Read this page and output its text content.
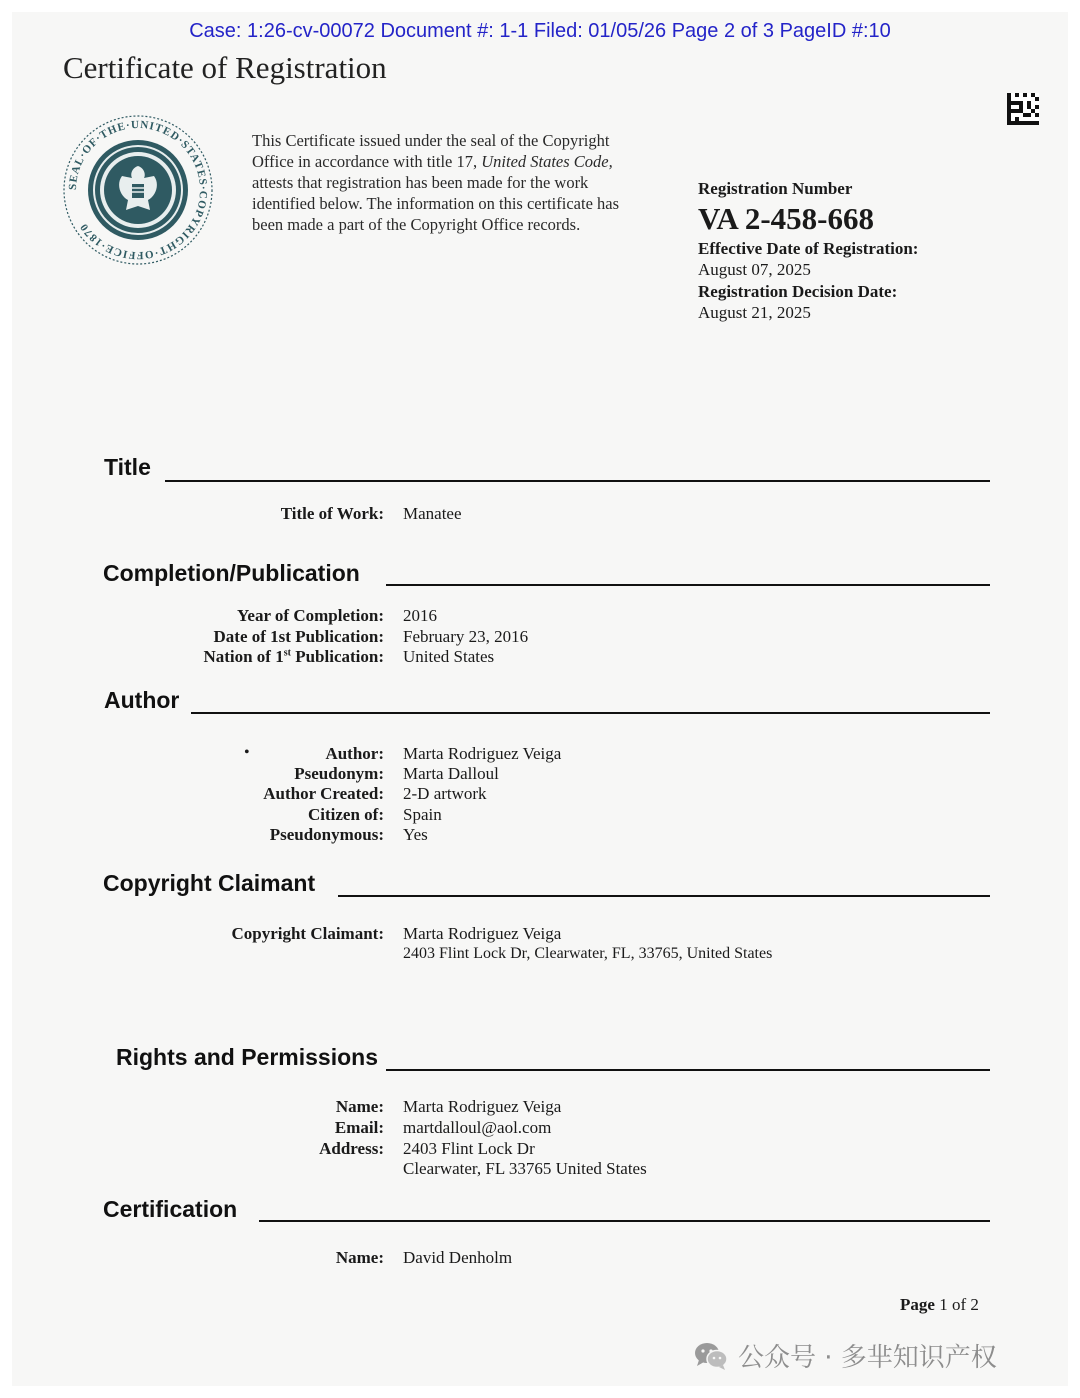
Case: 1:26-cv-00072 Document #: 1-1 Filed: 01/05/26 Page 2 of 3 PageID #:10
Certificate of Registration
SEAL·OF·THE·UNITED·STATES·COPYRIGHT·OFFICE·1870
This Certificate issued under the seal of the Copyright Office in accordance with title 17, United States Code, attests that registration has been made for the work identified below. The information on this certificate has been made a part of the Copyright Office records.
Registration Number
VA 2-458-668
Effective Date of Registration:
August 07, 2025
Registration Decision Date:
August 21, 2025
Title
Title of Work: Manatee
Completion/Publication
Year of Completion: 2016
Date of 1st Publication: February 23, 2016
Nation of 1st Publication: United States
Author
•	Author: Marta Rodriguez Veiga
Pseudonym: Marta Dalloul
Author Created: 2-D artwork
Citizen of: Spain
Pseudonymous: Yes
Copyright Claimant
Copyright Claimant: Marta Rodriguez Veiga
2403 Flint Lock Dr, Clearwater, FL, 33765, United States
Rights and Permissions
Name: Marta Rodriguez Veiga
Email: martdalloul@aol.com
Address: 2403 Flint Lock Dr
Clearwater, FL 33765 United States
Certification
Name: David Denholm
Page 1 of 2
公众号 · 多芈知识产权
